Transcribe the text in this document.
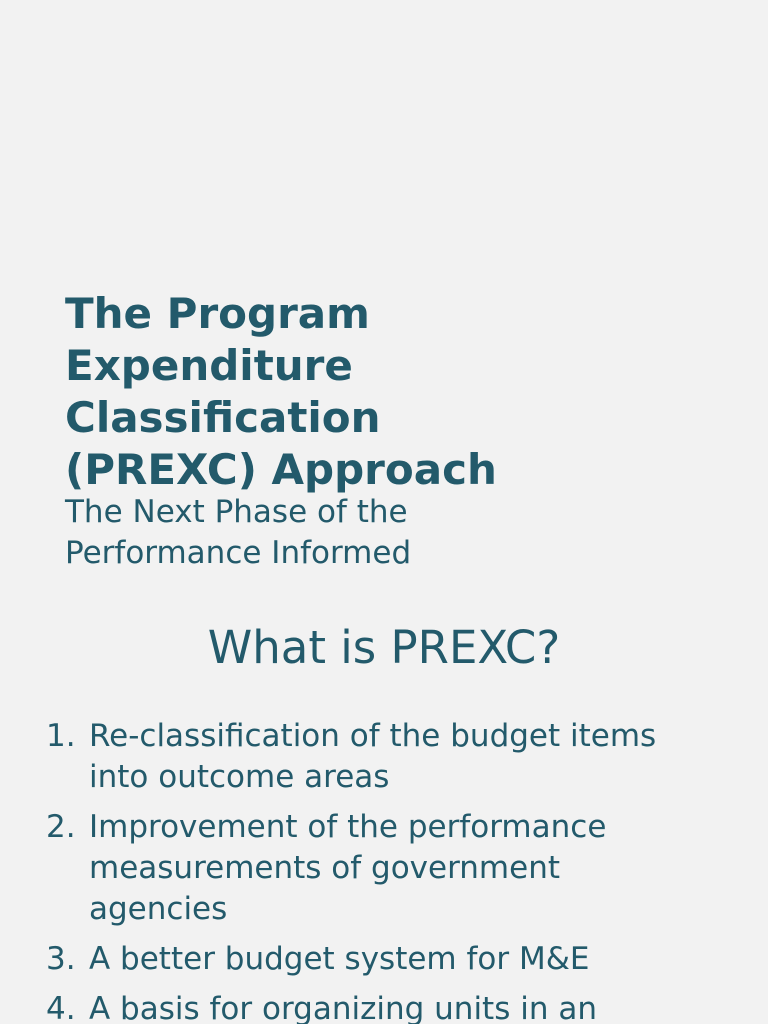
The Program
Expenditure
Classification
(PREXC) Approach

The Next Phase of the
Performance Informed

What is PREXC?
1. Re-classification of the budget items
into outcome areas
2. Improvement of the performance
measurements of government
agencies
3. A better budget system for M&E
4. A basis for organizing units in an
